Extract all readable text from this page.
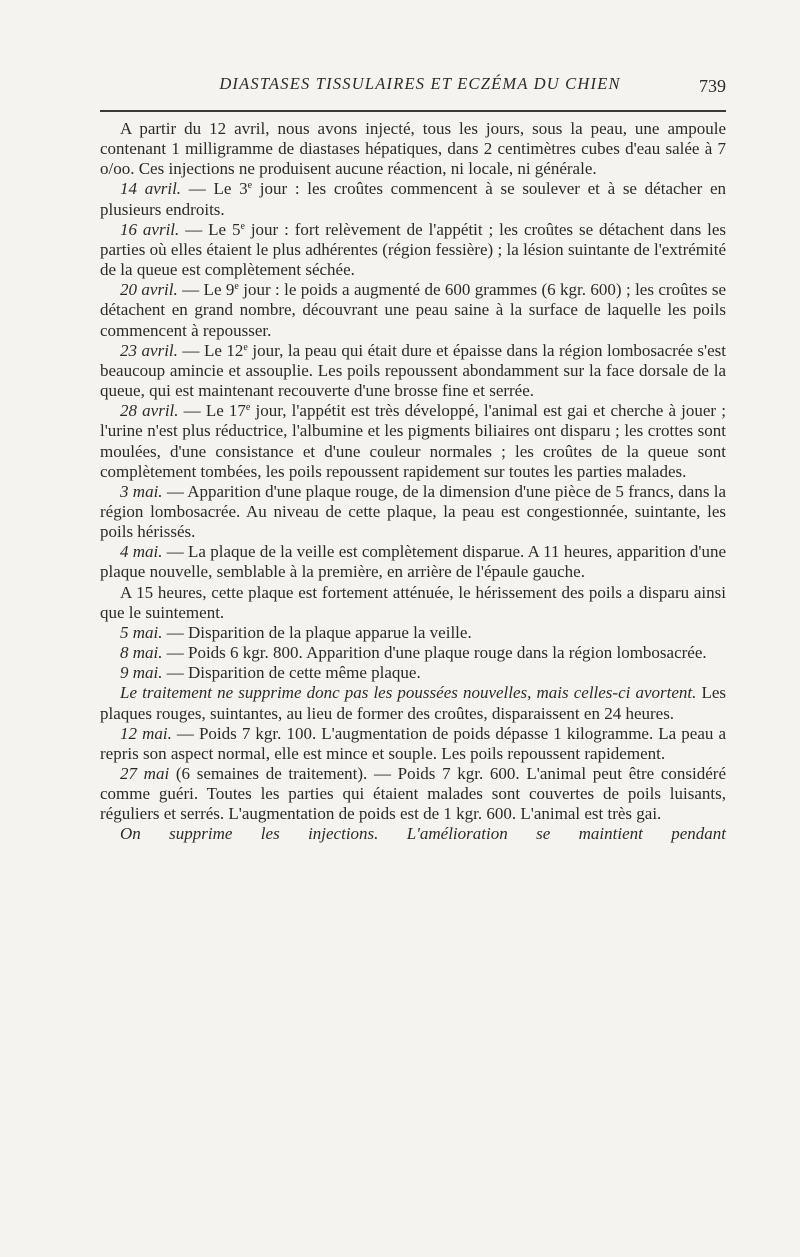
DIASTASES TISSULAIRES ET ECZÉMA DU CHIEN	739

A partir du 12 avril, nous avons injecté, tous les jours, sous la peau, une ampoule contenant 1 milligramme de diastases hépatiques, dans 2 centimètres cubes d'eau salée à 7 o/oo. Ces injections ne produisent aucune réaction, ni locale, ni générale.

14 avril. — Le 3e jour : les croûtes commencent à se soulever et à se détacher en plusieurs endroits.

16 avril. — Le 5e jour : fort relèvement de l'appétit ; les croûtes se détachent dans les parties où elles étaient le plus adhérentes (région fessière) ; la lésion suintante de l'extrémité de la queue est complètement séchée.

20 avril. — Le 9e jour : le poids a augmenté de 600 grammes (6 kgr. 600) ; les croûtes se détachent en grand nombre, découvrant une peau saine à la surface de laquelle les poils commencent à repousser.

23 avril. — Le 12e jour, la peau qui était dure et épaisse dans la région lombosacrée s'est beaucoup amincie et assouplie. Les poils repoussent abondamment sur la face dorsale de la queue, qui est maintenant recouverte d'une brosse fine et serrée.

28 avril. — Le 17e jour, l'appétit est très développé, l'animal est gai et cherche à jouer ; l'urine n'est plus réductrice, l'albumine et les pigments biliaires ont disparu ; les crottes sont moulées, d'une consistance et d'une couleur normales ; les croûtes de la queue sont complètement tombées, les poils repoussent rapidement sur toutes les parties malades.

3 mai. — Apparition d'une plaque rouge, de la dimension d'une pièce de 5 francs, dans la région lombosacrée. Au niveau de cette plaque, la peau est congestionnée, suintante, les poils hérissés.

4 mai. — La plaque de la veille est complètement disparue. A 11 heures, apparition d'une plaque nouvelle, semblable à la première, en arrière de l'épaule gauche.

A 15 heures, cette plaque est fortement atténuée, le hérissement des poils a disparu ainsi que le suintement.

5 mai. — Disparition de la plaque apparue la veille.

8 mai. — Poids 6 kgr. 800. Apparition d'une plaque rouge dans la région lombosacrée.

9 mai. — Disparition de cette même plaque.

Le traitement ne supprime donc pas les poussées nouvelles, mais celles-ci avortent. Les plaques rouges, suintantes, au lieu de former des croûtes, disparaissent en 24 heures.

12 mai. — Poids 7 kgr. 100. L'augmentation de poids dépasse 1 kilogramme. La peau a repris son aspect normal, elle est mince et souple. Les poils repoussent rapidement.

27 mai (6 semaines de traitement). — Poids 7 kgr. 600. L'animal peut être considéré comme guéri. Toutes les parties qui étaient malades sont couvertes de poils luisants, réguliers et serrés. L'augmentation de poids est de 1 kgr. 600. L'animal est très gai.

On supprime les injections. L'amélioration se maintient pendant
